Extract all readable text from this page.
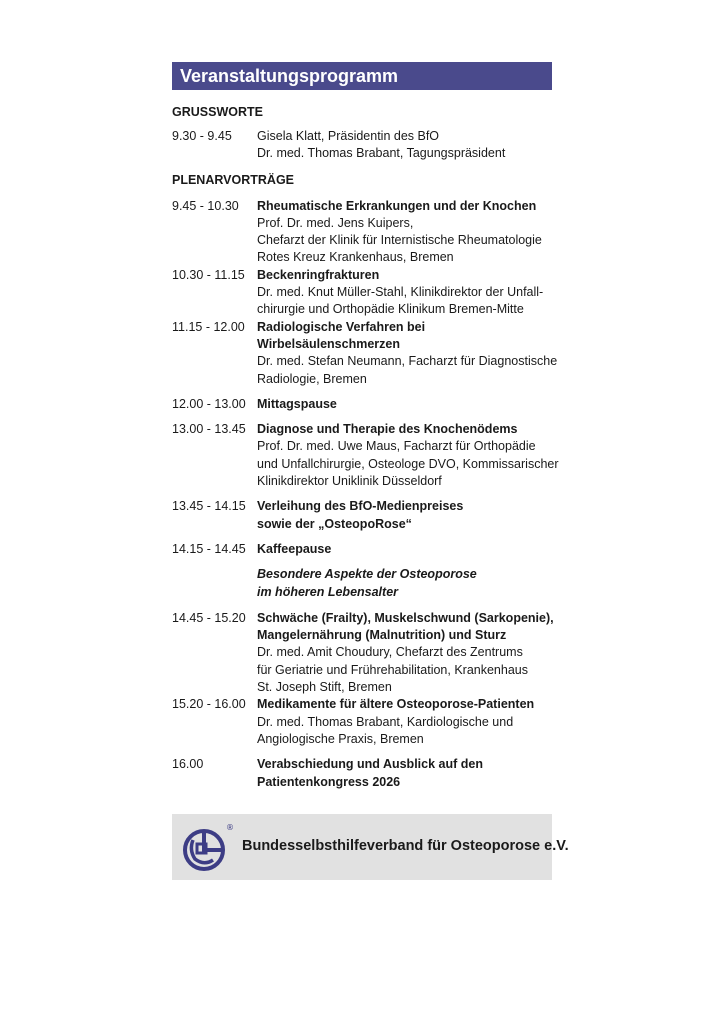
Veranstaltungsprogramm

GRUSSWORTE

9.30 - 9.45	Gisela Klatt, Präsidentin des BfO
Dr. med. Thomas Brabant, Tagungspräsident

PLENARVORTRÄGE

9.45 - 10.30	Rheumatische Erkrankungen und der Knochen
Prof. Dr. med. Jens Kuipers,
Chefarzt der Klinik für Internistische Rheumatologie
Rotes Kreuz Krankenhaus, Bremen
10.30 - 11.15 Beckenringfrakturen
Dr. med. Knut Müller-Stahl, Klinikdirektor der Unfall-
chirurgie und Orthopädie Klinikum Bremen-Mitte
11.15 - 12.00 Radiologische Verfahren bei
Wirbelsäulenschmerzen
Dr. med. Stefan Neumann, Facharzt für Diagnostische
Radiologie, Bremen
12.00 - 13.00 Mittagspause
13.00 - 13.45 Diagnose und Therapie des Knochenödems
Prof. Dr. med. Uwe Maus, Facharzt für Orthopädie
und Unfallchirurgie, Osteologe DVO, Kommissarischer
Klinikdirektor Uniklinik Düsseldorf
13.45 - 14.15 Verleihung des BfO-Medienpreises
sowie der „OsteopoRose“
14.15 - 14.45 Kaffeepause
Besondere Aspekte der Osteoporose
im höheren Lebensalter
14.45 - 15.20 Schwäche (Frailty), Muskelschwund (Sarkopenie),
Mangelernährung (Malnutrition) und Sturz
Dr. med. Amit Choudury, Chefarzt des Zentrums
für Geriatrie und Frührehabilitation, Krankenhaus
St. Joseph Stift, Bremen
15.20 - 16.00 Medikamente für ältere Osteoporose-Patienten
Dr. med. Thomas Brabant, Kardiologische und
Angiologische Praxis, Bremen
16.00	Verabschiedung und Ausblick auf den
Patientenkongress 2026
®
Bundesselbsthilfeverband für Osteoporose e.V.
